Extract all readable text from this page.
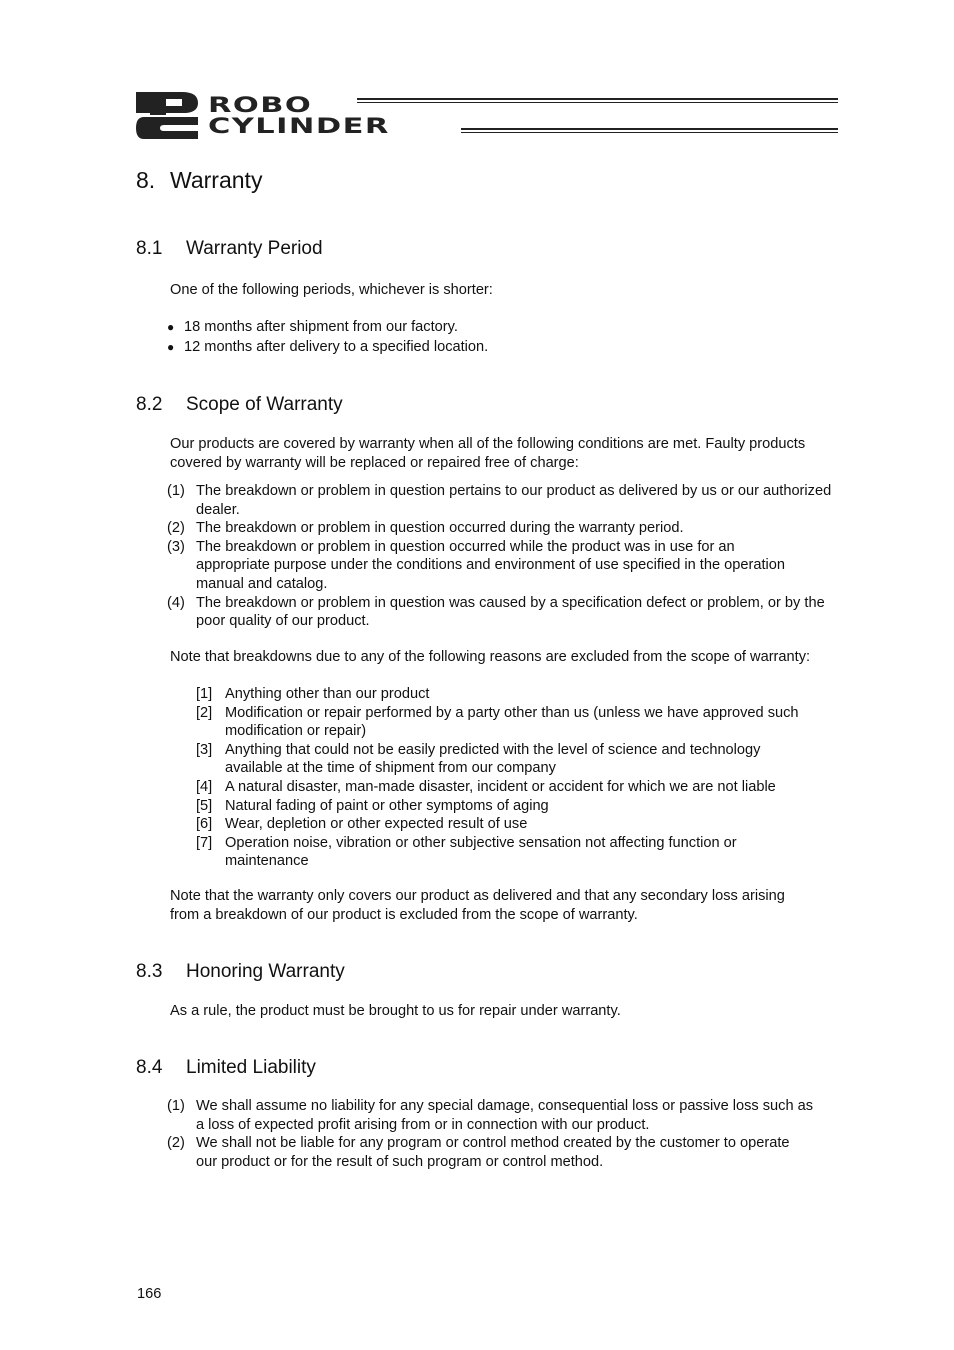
ROBO
CYLINDER
8. Warranty
8.1 Warranty Period

One of the following periods, whichever is shorter:

● 18 months after shipment from our factory.
● 12 months after delivery to a specified location.
8.2 Scope of Warranty

Our products are covered by warranty when all of the following conditions are met. Faulty products covered by warranty will be replaced or repaired free of charge:

(1) The breakdown or problem in question pertains to our product as delivered by us or our authorized dealer.
(2) The breakdown or problem in question occurred during the warranty period.
(3) The breakdown or problem in question occurred while the product was in use for an appropriate purpose under the conditions and environment of use specified in the operation manual and catalog.
(4) The breakdown or problem in question was caused by a specification defect or problem, or by the poor quality of our product.

Note that breakdowns due to any of the following reasons are excluded from the scope of warranty:

[1] Anything other than our product
[2] Modification or repair performed by a party other than us (unless we have approved such modification or repair)
[3] Anything that could not be easily predicted with the level of science and technology available at the time of shipment from our company
[4] A natural disaster, man-made disaster, incident or accident for which we are not liable
[5] Natural fading of paint or other symptoms of aging
[6] Wear, depletion or other expected result of use
[7] Operation noise, vibration or other subjective sensation not affecting function or maintenance

Note that the warranty only covers our product as delivered and that any secondary loss arising from a breakdown of our product is excluded from the scope of warranty.

8.3 Honoring Warranty

As a rule, the product must be brought to us for repair under warranty.

8.4 Limited Liability
(1) We shall assume no liability for any special damage, consequential loss or passive loss such as a loss of expected profit arising from or in connection with our product.
(2) We shall not be liable for any program or control method created by the customer to operate our product or for the result of such program or control method.
166
